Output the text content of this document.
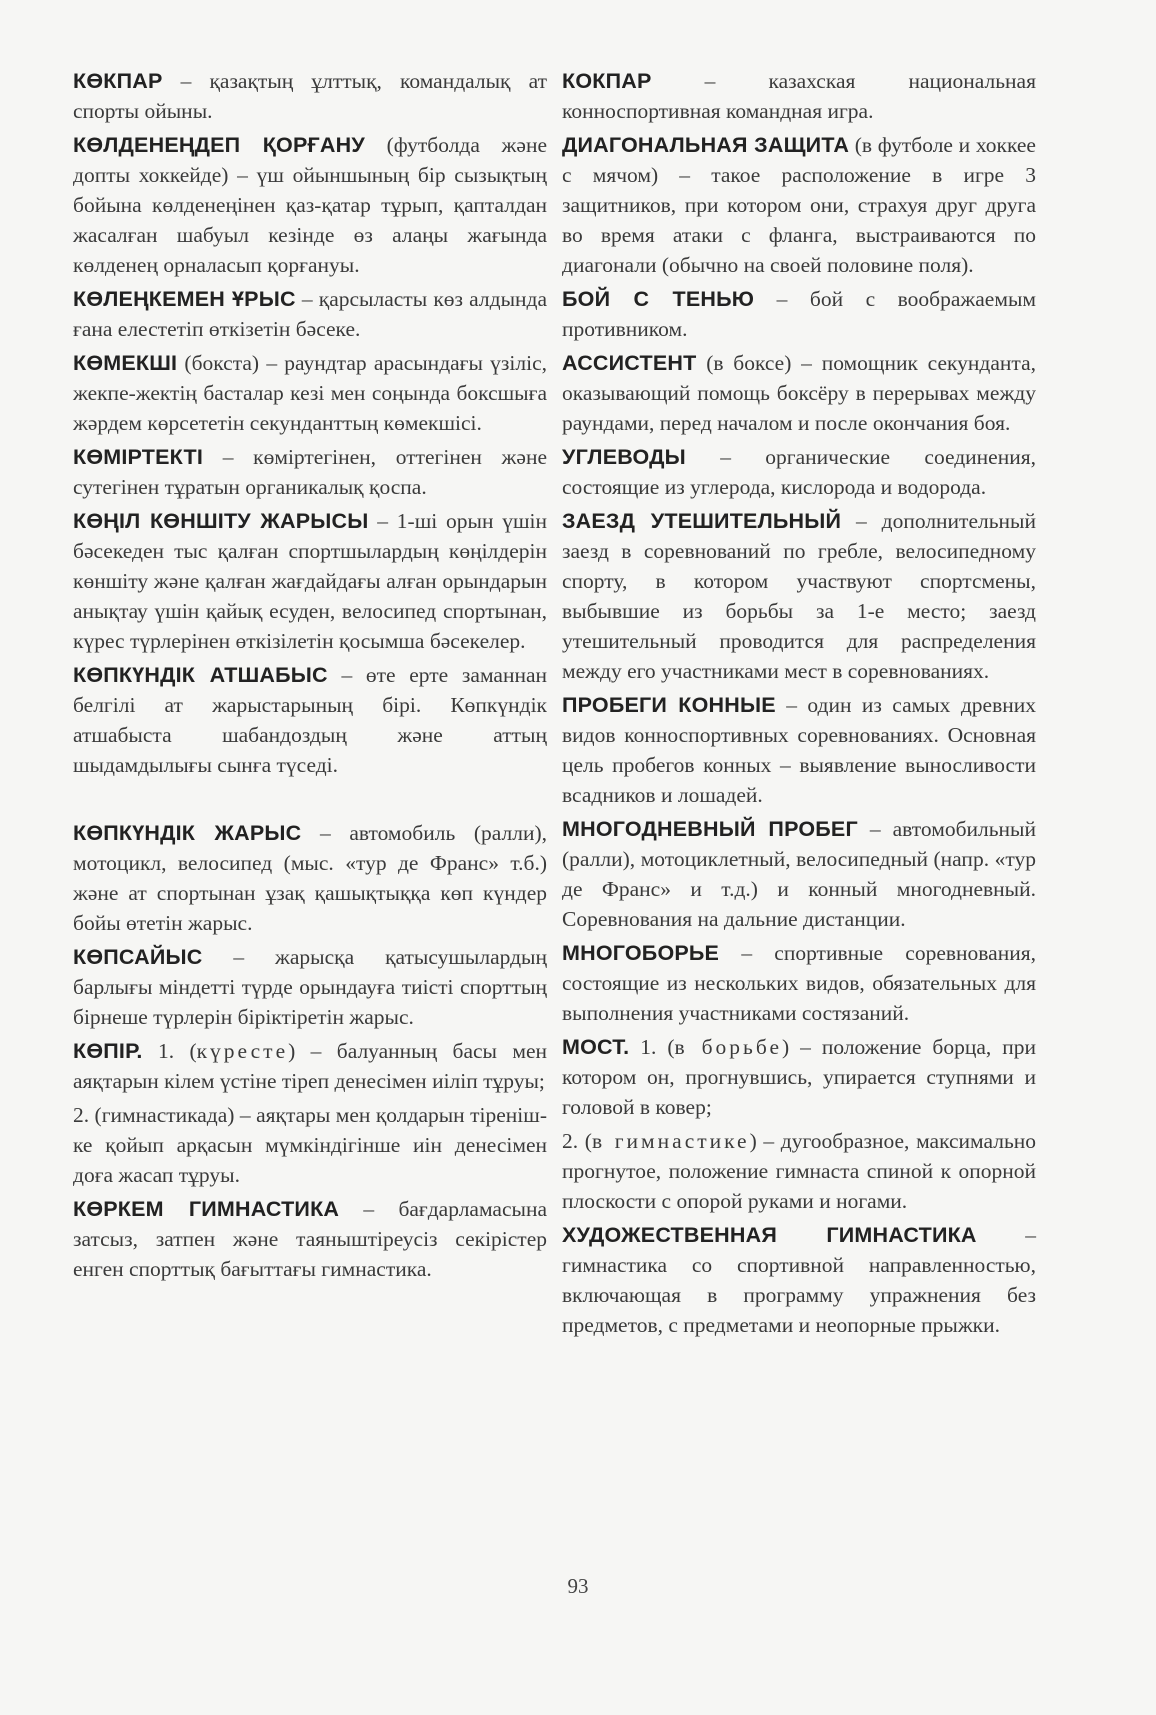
КӨКПАР – қазақтың ұлттық, командалық ат спорты ойыны.

КӨЛДЕНЕҢДЕП ҚОРҒАНУ (футболда және допты хоккейде) – үш ойыншының бір сызықтың бойына көлденеңінен қаз-қатар тұрып, қапталдан жасалған шабуыл кезінде өз алаңы жағында көлденең орналасып қорғануы.

КӨЛЕҢКЕМЕН ҰРЫС – қарсыласты көз алдында ғана елестетіп өткізетін бәсеке.

КӨМЕКШІ (бокста) – раундтар арасындағы үзіліс, жекпе-жектің басталар кезі мен соңында боксшыға жәрдем көрсететін секунданттың көмекшісі.

КӨМІРТЕКТІ – көміртегінен, оттегінен және сутегінен тұратын органикалық қоспа.

КӨҢІЛ КӨНШІТУ ЖАРЫСЫ – 1-ші орын үшін бәсекеден тыс қалған спортшылардың көңілдерін көншіту және қалған жағдайдағы алған орындарын анықтау үшін қайық есуден, велосипед спортынан, күрес түрлерінен өткізілетін қосымша бәсекелер.

КӨПКҮНДІК АТШАБЫС – өте ерте заманнан белгілі ат жарыстарының бірі. Көпкүндік атшабыста шабандоздың және аттың шыдамдылығы сынға түседі.

КӨПКҮНДІК ЖАРЫС – автомобиль (ралли), мотоцикл, велосипед (мыс. «тур де Франс» т.б.) және ат спортынан ұзақ қашықтыққа көп күндер бойы өтетін жарыс.

КӨПСАЙЫС – жарысқа қатысушылардың барлығы міндетті түрде орындауға тиісті спорттың бірнеше түрлерін біріктіретін жарыс.

КӨПІР. 1. (күресте) – балуанның басы мен аяқтарын кілем үстіне тіреп денесімен иіліп тұруы;

2. (гимнастикада) – аяқтары мен қолдарын тіренішке қойып арқасын мүмкіндігінше иін денесімен доға жасап тұруы.

КӨРКЕМ ГИМНАСТИКА – бағдарламасына затсыз, затпен және таяныштіреусіз секірістер енген спорттық бағыттағы гимнастика.

КОКПАР – казахская национальная конноспортивная командная игра.

ДИАГОНАЛЬНАЯ ЗАЩИТА (в футболе и хоккее с мячом) – такое расположение в игре 3 защитников, при котором они, страхуя друг друга во время атаки с фланга, выстраиваются по диагонали (обычно на своей половине поля).

БОЙ С ТЕНЬЮ – бой с воображаемым противником.

АССИСТЕНТ (в боксе) – помощник секунданта, оказывающий помощь боксёру в перерывах между раундами, перед началом и после окончания боя.

УГЛЕВОДЫ – органические соединения, состоящие из углерода, кислорода и водорода.

ЗАЕЗД УТЕШИТЕЛЬНЫЙ – дополнительный заезд в соревнований по гребле, велосипедному спорту, в котором участвуют спортсмены, выбывшие из борьбы за 1-е место; заезд утешительный проводится для распределения между его участниками мест в соревнованиях.

ПРОБЕГИ КОННЫЕ – один из самых древних видов конноспортивных соревнованиях. Основная цель пробегов конных – выявление выносливости всадников и лошадей.

МНОГОДНЕВНЫЙ ПРОБЕГ – автомобильный (ралли), мотоциклетный, велосипедный (напр. «тур де Франс» и т.д.) и конный многодневный. Соревнования на дальние дистанции.

МНОГОБОРЬЕ – спортивные соревнования, состоящие из нескольких видов, обязательных для выполнения участниками состязаний.

МОСТ. 1. (в борьбе) – положение борца, при котором он, прогнувшись, упирается ступнями и головой в ковер;

2. (в гимнастике) – дугообразное, максимально прогнутое, положение гимнаста спиной к опорной плоскости с опорой руками и ногами.

ХУДОЖЕСТВЕННАЯ ГИМНАСТИКА – гимнастика со спортивной направленностью, включающая в программу упражнения без предметов, с предметами и неопорные прыжки.

93
